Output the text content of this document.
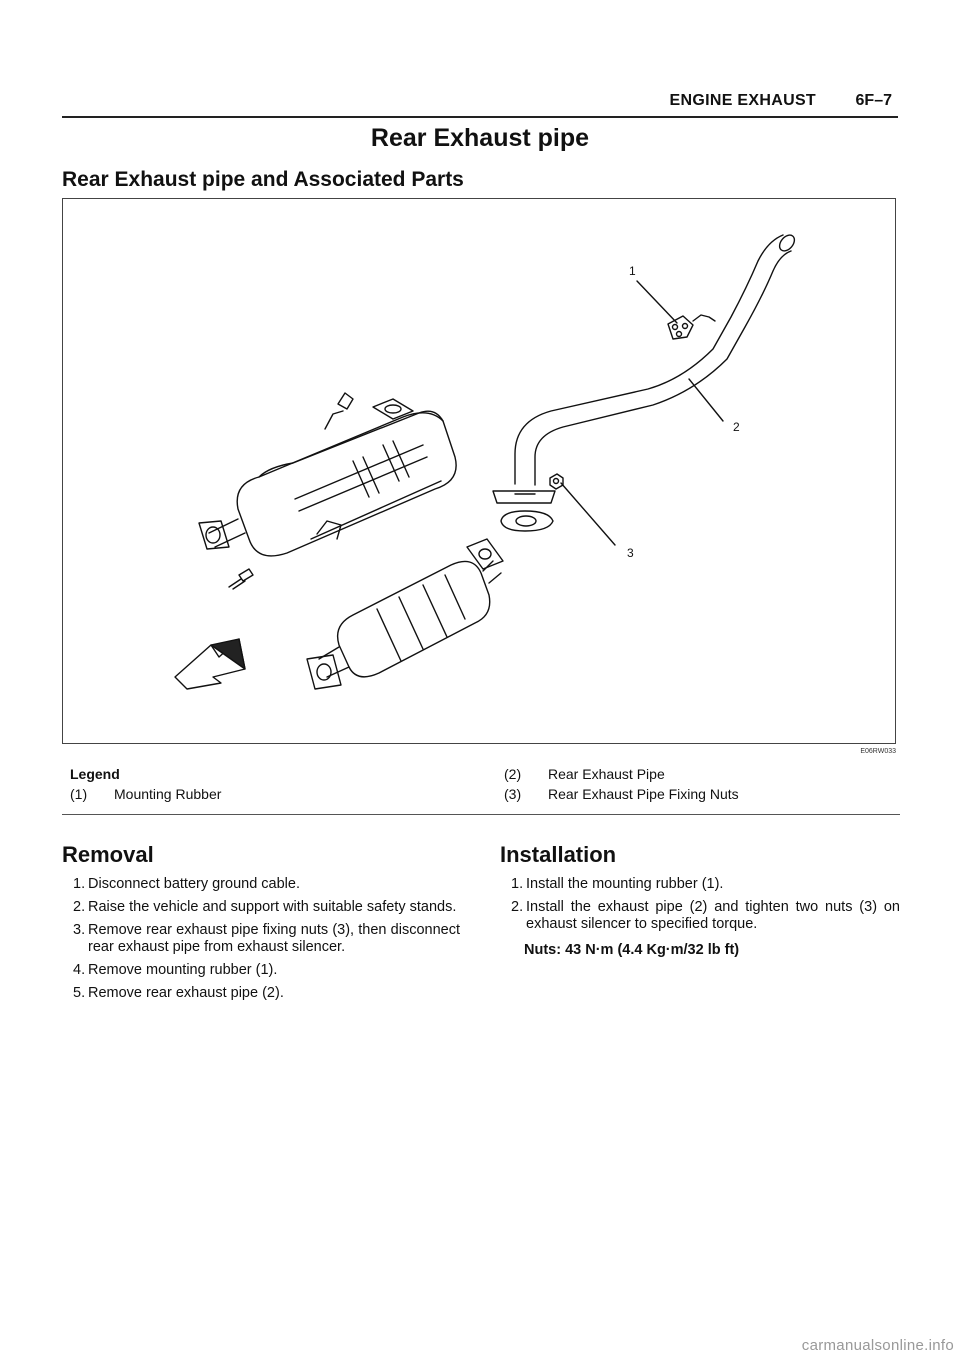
ENGINE EXHAUST 6F–7
Rear Exhaust pipe
Rear Exhaust pipe and Associated Parts
1
2
3
E06RW033
Legend
(1) Mounting Rubber
(2) Rear Exhaust Pipe
(3) Rear Exhaust Pipe Fixing Nuts
Removal
1. Disconnect battery ground cable.
2. Raise the vehicle and support with suitable safety stands.
3. Remove rear exhaust pipe fixing nuts (3), then disconnect rear exhaust pipe from exhaust silencer.
4. Remove mounting rubber (1).
5. Remove rear exhaust pipe (2).
Installation
1. Install the mounting rubber (1).
2. Install the exhaust pipe (2) and tighten two nuts (3) on exhaust silencer to specified torque.
Nuts: 43 N·m (4.4 Kg·m/32 lb ft)
carmanualsonline.info
